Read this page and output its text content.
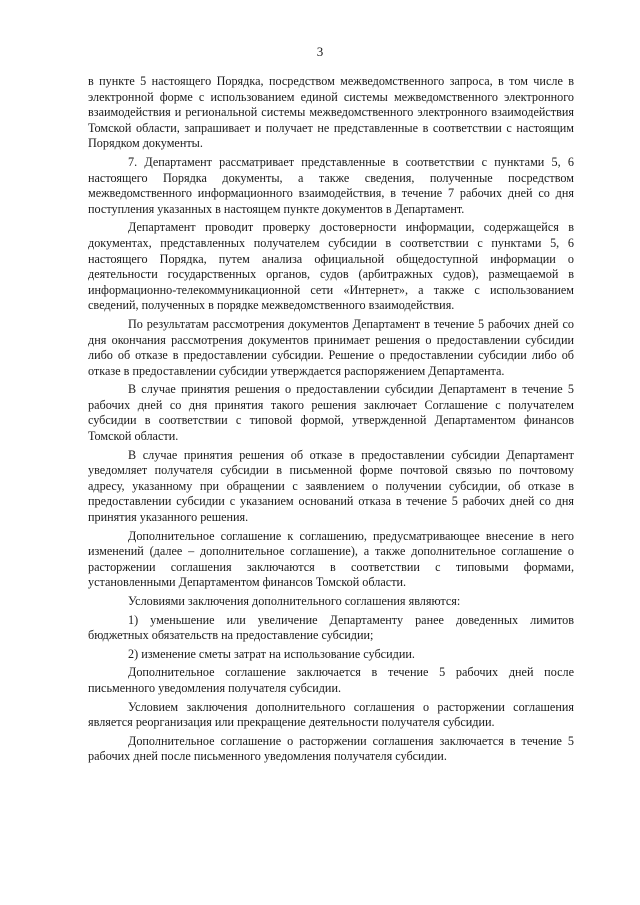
3

в пункте 5 настоящего Порядка, посредством межведомственного запроса, в том числе в электронной форме с использованием единой системы межведомственного электронного взаимодействия и региональной системы межведомственного электронного взаимодействия Томской области, запрашивает и получает не представленные в соответствии с настоящим Порядком документы.

7. Департамент рассматривает представленные в соответствии с пунктами 5, 6 настоящего Порядка документы, а также сведения, полученные посредством межведомственного информационного взаимодействия, в течение 7 рабочих дней со дня поступления указанных в настоящем пункте документов в Департамент.

Департамент проводит проверку достоверности информации, содержащейся в документах, представленных получателем субсидии в соответствии с пунктами 5, 6 настоящего Порядка, путем анализа официальной общедоступной информации о деятельности государственных органов, судов (арбитражных судов), размещаемой в информационно-телекоммуникационной сети «Интернет», а также с использованием сведений, полученных в порядке межведомственного взаимодействия.

По результатам рассмотрения документов Департамент в течение 5 рабочих дней со дня окончания рассмотрения документов принимает решения о предоставлении субсидии либо об отказе в предоставлении субсидии. Решение о предоставлении субсидии либо об отказе в предоставлении субсидии утверждается распоряжением Департамента.

В случае принятия решения о предоставлении субсидии Департамент в течение 5 рабочих дней со дня принятия такого решения заключает Соглашение с получателем субсидии в соответствии с типовой формой, утвержденной Департаментом финансов Томской области.

В случае принятия решения об отказе в предоставлении субсидии Департамент уведомляет получателя субсидии в письменной форме почтовой связью по почтовому адресу, указанному при обращении с заявлением о получении субсидии, об отказе в предоставлении субсидии с указанием оснований отказа в течение 5 рабочих дней со дня принятия указанного решения.

Дополнительное соглашение к соглашению, предусматривающее внесение в него изменений (далее – дополнительное соглашение), а также дополнительное соглашение о расторжении соглашения заключаются в соответствии с типовыми формами, установленными Департаментом финансов Томской области.

Условиями заключения дополнительного соглашения являются:

1) уменьшение или увеличение Департаменту ранее доведенных лимитов бюджетных обязательств на предоставление субсидии;

2) изменение сметы затрат на использование субсидии.

Дополнительное соглашение заключается в течение 5 рабочих дней после письменного уведомления получателя субсидии.

Условием заключения дополнительного соглашения о расторжении соглашения является реорганизация или прекращение деятельности получателя субсидии.

Дополнительное соглашение о расторжении соглашения заключается в течение 5 рабочих дней после письменного уведомления получателя субсидии.
